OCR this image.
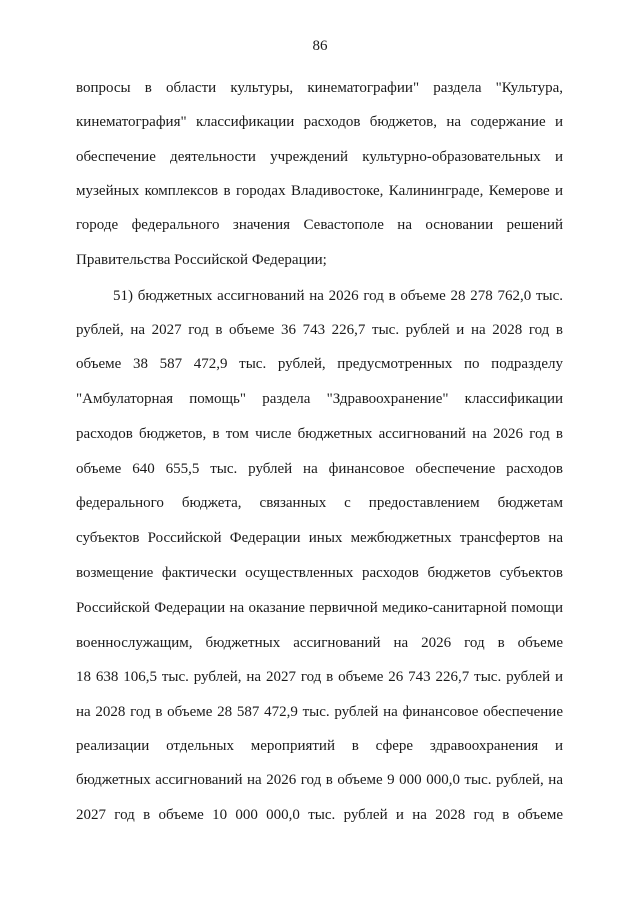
86
вопросы в области культуры, кинематографии" раздела "Культура,
кинематография" классификации расходов бюджетов, на содержание и
обеспечение деятельности учреждений культурно-образовательных и
музейных комплексов в городах Владивостоке, Калининграде, Кемерове и
городе федерального значения Севастополе на основании решений
Правительства Российской Федерации;
51) бюджетных ассигнований на 2026 год в объеме 28 278 762,0 тыс.
рублей, на 2027 год в объеме 36 743 226,7 тыс. рублей и на 2028 год в
объеме 38 587 472,9 тыс. рублей, предусмотренных по подразделу
"Амбулаторная помощь" раздела "Здравоохранение" классификации
расходов бюджетов, в том числе бюджетных ассигнований на 2026 год в
объеме 640 655,5 тыс. рублей на финансовое обеспечение расходов
федерального бюджета, связанных с предоставлением бюджетам
субъектов Российской Федерации иных межбюджетных трансфертов на
возмещение фактически осуществленных расходов бюджетов субъектов
Российской Федерации на оказание первичной медико-санитарной помощи
военнослужащим, бюджетных ассигнований на 2026 год в объеме
18 638 106,5 тыс. рублей, на 2027 год в объеме 26 743 226,7 тыс. рублей и
на 2028 год в объеме 28 587 472,9 тыс. рублей на финансовое обеспечение
реализации отдельных мероприятий в сфере здравоохранения и
бюджетных ассигнований на 2026 год в объеме 9 000 000,0 тыс. рублей, на
2027 год в объеме 10 000 000,0 тыс. рублей и на 2028 год в объеме
